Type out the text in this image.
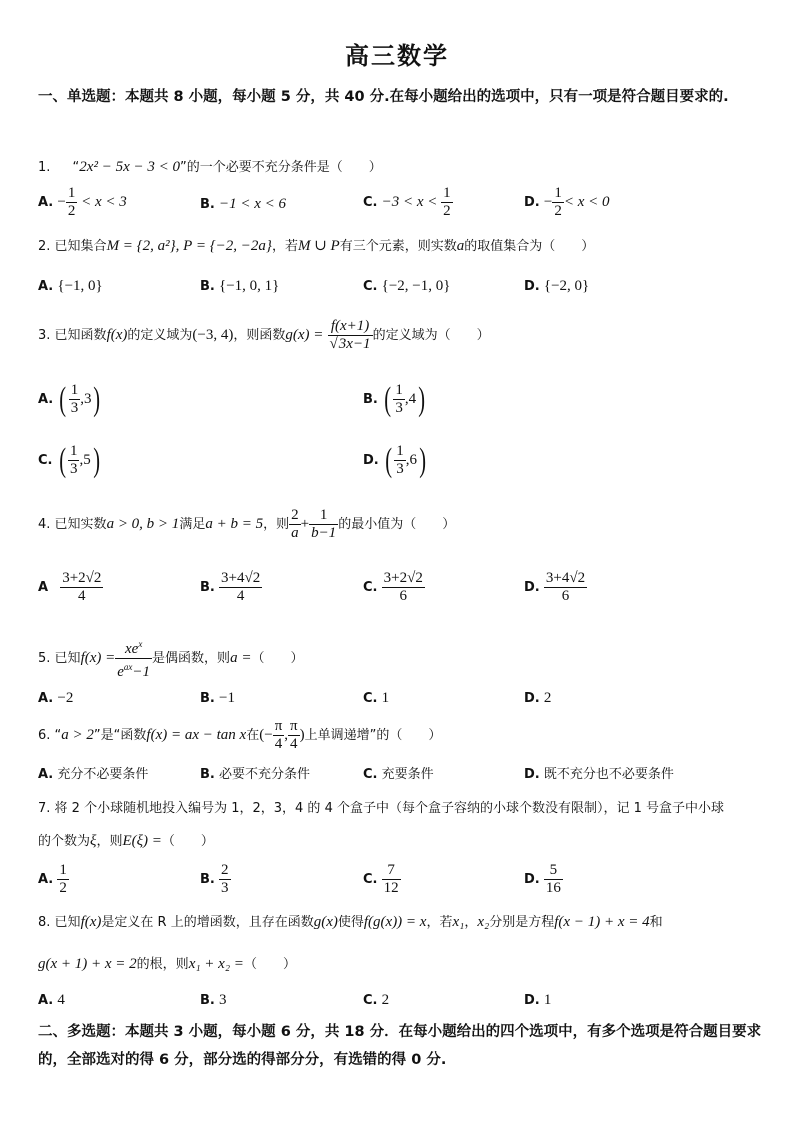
高三数学
一、单选题：本题共 8 小题，每小题 5 分，共 40 分.在每小题给出的选项中，只有一项是符合题目要求的.
1. “2x² − 5x − 3 < 0”的一个必要不充分条件是（　　）
A. − $\frac{1}{2} < x < 3$	B. −1 < x < 6	C. $-3 < x < \frac{1}{2}$	D. − $\frac{1}{2} < x < 0$
2. 已知集合M = {2, a²}, P = {−2, −2a}，若M ∪ P有三个元素，则实数a的取值集合为（　　）
A. {−1, 0}	B. {−1, 0, 1}	C. {−2, −1, 0}	D. {−2, 0}
3. 已知函数f(x)的定义域为(−3, 4)，则函数$g(x) = \frac{f(x+1)}{√3x-1}$ 的定义域为（　　）
A. ( $\frac{1}{3} ,3$)	B. ( $\frac{1}{3} ,4$)
C. ( $\frac{1}{3} ,5$)	D. ( $\frac{1}{3} ,6$)
4. 已知实数a > 0, b > 1满足a + b = 5，则 $\frac{2}{a} + \frac{1}{b-1}$ 的最小值为（　　）
A $\frac{3+2√2}{4}$	B. $\frac{3+4√2}{4}$	C. $\frac{3+2√2}{6}$	D. $\frac{3+4√2}{6}$
5. 已知$f(x) = \frac{xe^x}{e^{ax}-1}$ 是偶函数，则a =（　　）
A. −2	B. −1	C. 1	D. 2
6. “a > 2”是“函数f(x) = ax − tan x在(− $\frac{\pi}{4}$ , $\frac{\pi}{4}$ )上单调递增”的（　　）
A. 充分不必要条件	B. 必要不充分条件	C. 充要条件	D. 既不充分也不必要条件
7. 将 2 个小球随机地投入编号为 1，2，3，4 的 4 个盒子中（每个盒子容纳的小球个数没有限制），记 1 号盒子中小球
的个数为ξ，则E(ξ) =（　　）
A. $\frac{1}{2}$	B. $\frac{2}{3}$	C. $\frac{7}{12}$	D. $\frac{5}{16}$
8. 已知f(x)是定义在 R 上的增函数，且存在函数g(x)使得f(g(x)) = x，若x₁，x₂分别是方程f(x − 1) + x = 4和
g(x + 1) + x = 2的根，则x₁ + x₂ =（　　）
A. 4	B. 3	C. 2	D. 1
二、多选题：本题共 3 小题，每小题 6 分，共 18 分．在每小题给出的四个选项中，有多个选项是符合题目要求的，全部选对的得 6 分，部分选的得部分分，有选错的得 0 分.
